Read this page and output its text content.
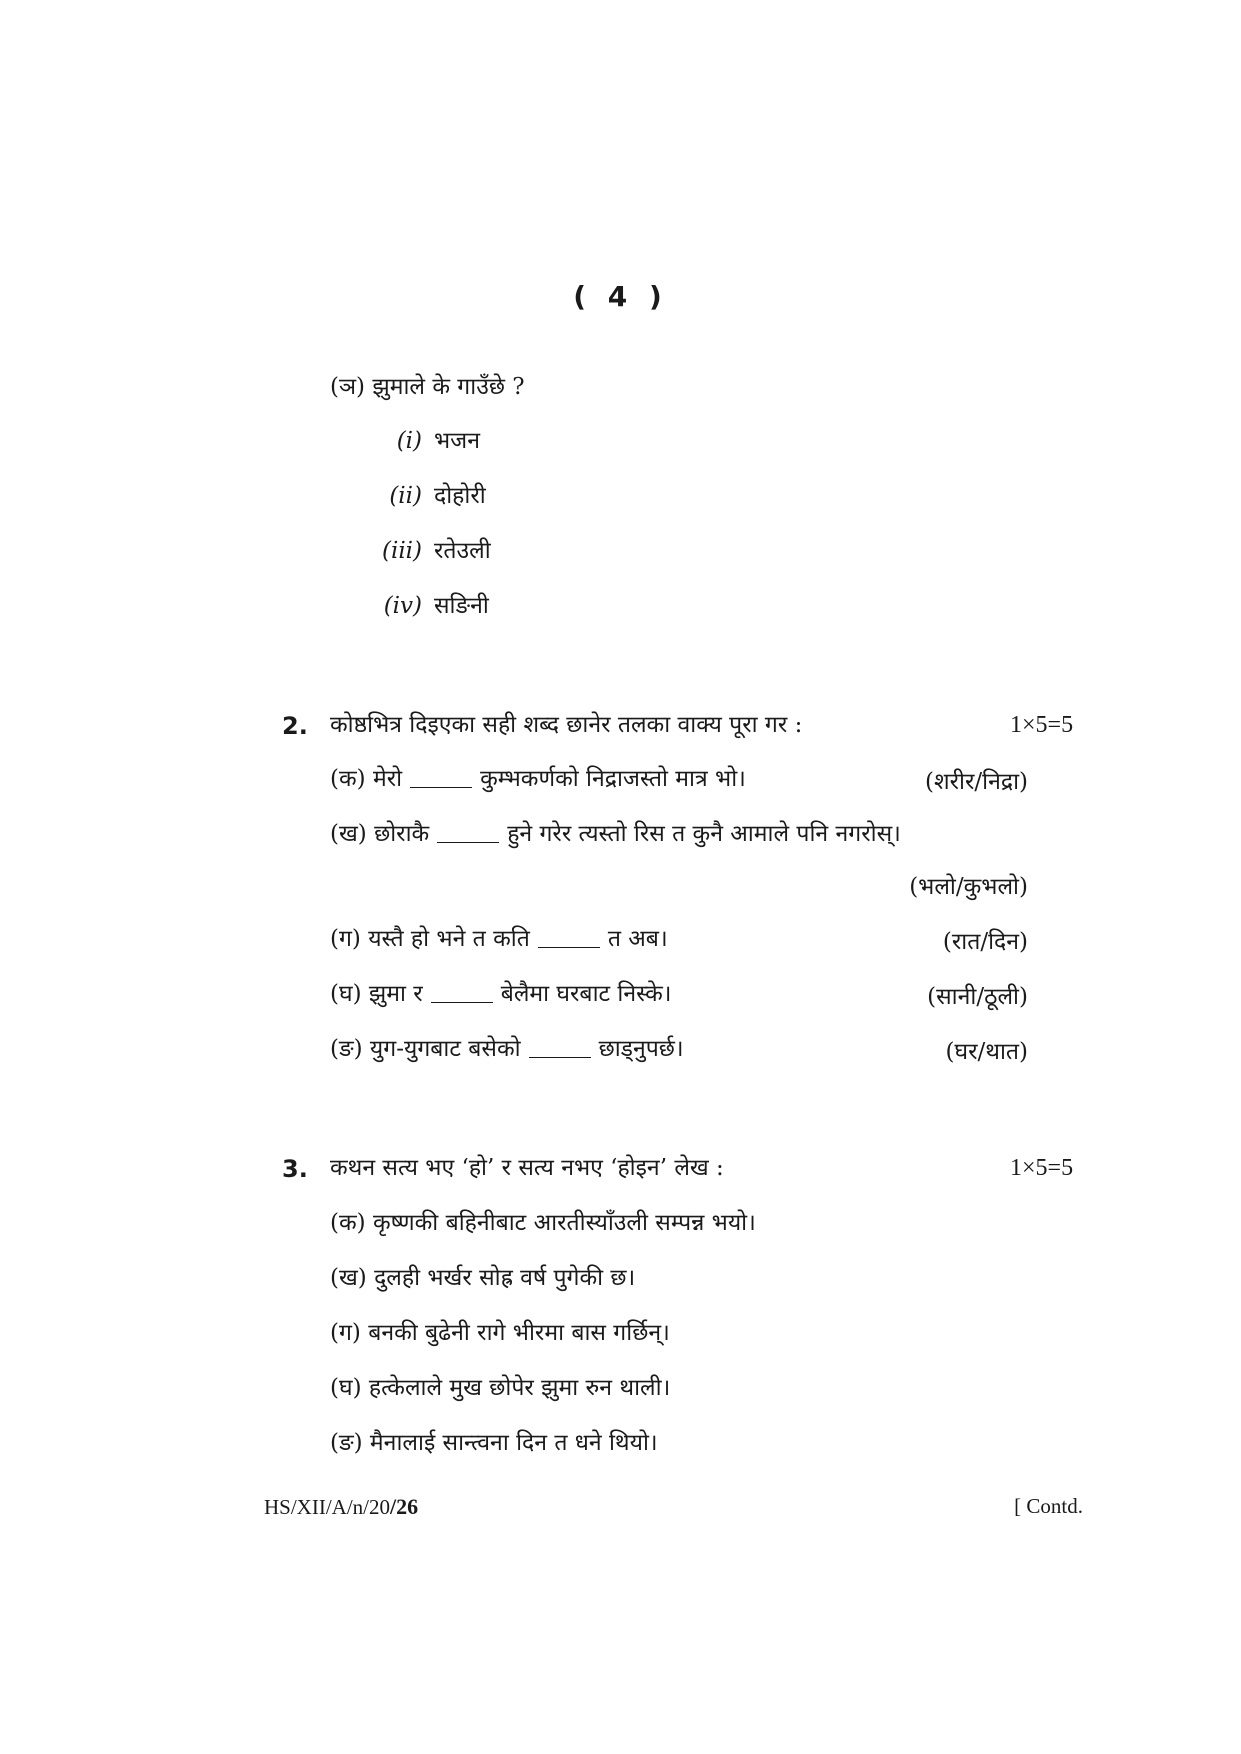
( 4 )
(ञ) झुमाले के गाउँछे ?
(i) भजन
(ii) दोहोरी
(iii) रतेउली
(iv) सङिनी
2. कोष्ठभित्र दिइएका सही शब्द छानेर तलका वाक्य पूरा गर :	1×5=5
(क) मेरो	कुम्भकर्णको निद्राजस्तो मात्र भो।	(शरीर/निद्रा)
(ख) छोराकै	हुने गरेर त्यस्तो रिस त कुनै आमाले पनि नगरोस्।
(भलो/कुभलो)
(ग) यस्तै हो भने त कति	त अब।	(रात/दिन)
(घ) झुमा र	बेलैमा घरबाट निस्के।	(सानी/ठूली)
(ङ) युग-युगबाट बसेको	छाड्नुपर्छ।	(घर/थात)
3. कथन सत्य भए ‘हो’ र सत्य नभए ‘होइन’ लेख :	1×5=5
(क) कृष्णकी बहिनीबाट आरतीस्याँउली सम्पन्न भयो।
(ख) दुलही भर्खर सोह्र वर्ष पुगेकी छ।
(ग) बनकी बुढेनी रागे भीरमा बास गर्छिन्।
(घ) हत्केलाले मुख छोपेर झुमा रुन थाली।
(ङ) मैनालाई सान्त्वना दिन त धने थियो।
HS/XII/A/n/20/26	[ Contd.
